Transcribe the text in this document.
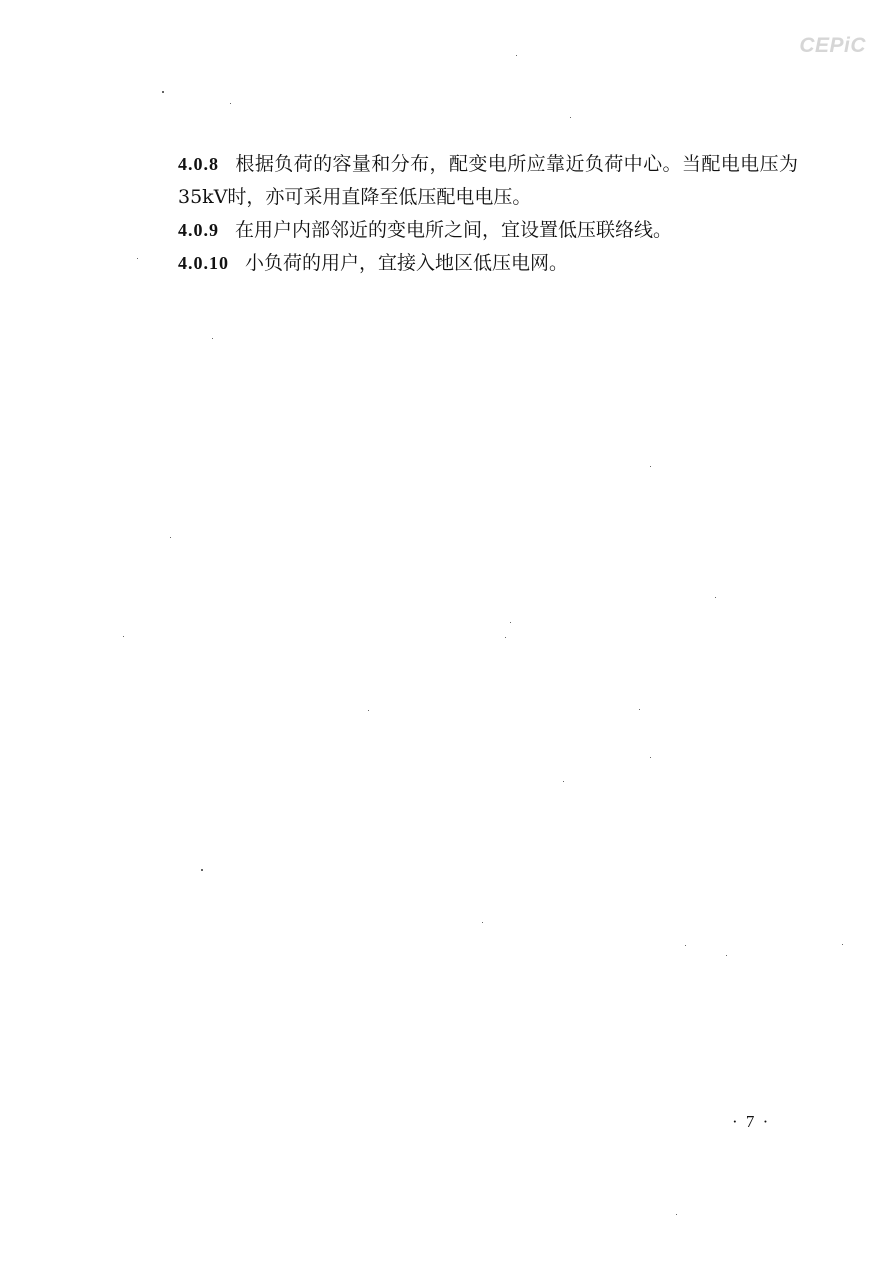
CEPiC

4.0.8 根据负荷的容量和分布，配变电所应靠近负荷中心。当配电电压为35kV时，亦可采用直降至低压配电电压。

4.0.9 在用户内部邻近的变电所之间，宜设置低压联络线。

4.0.10 小负荷的用户，宜接入地区低压电网。

· 7 ·
